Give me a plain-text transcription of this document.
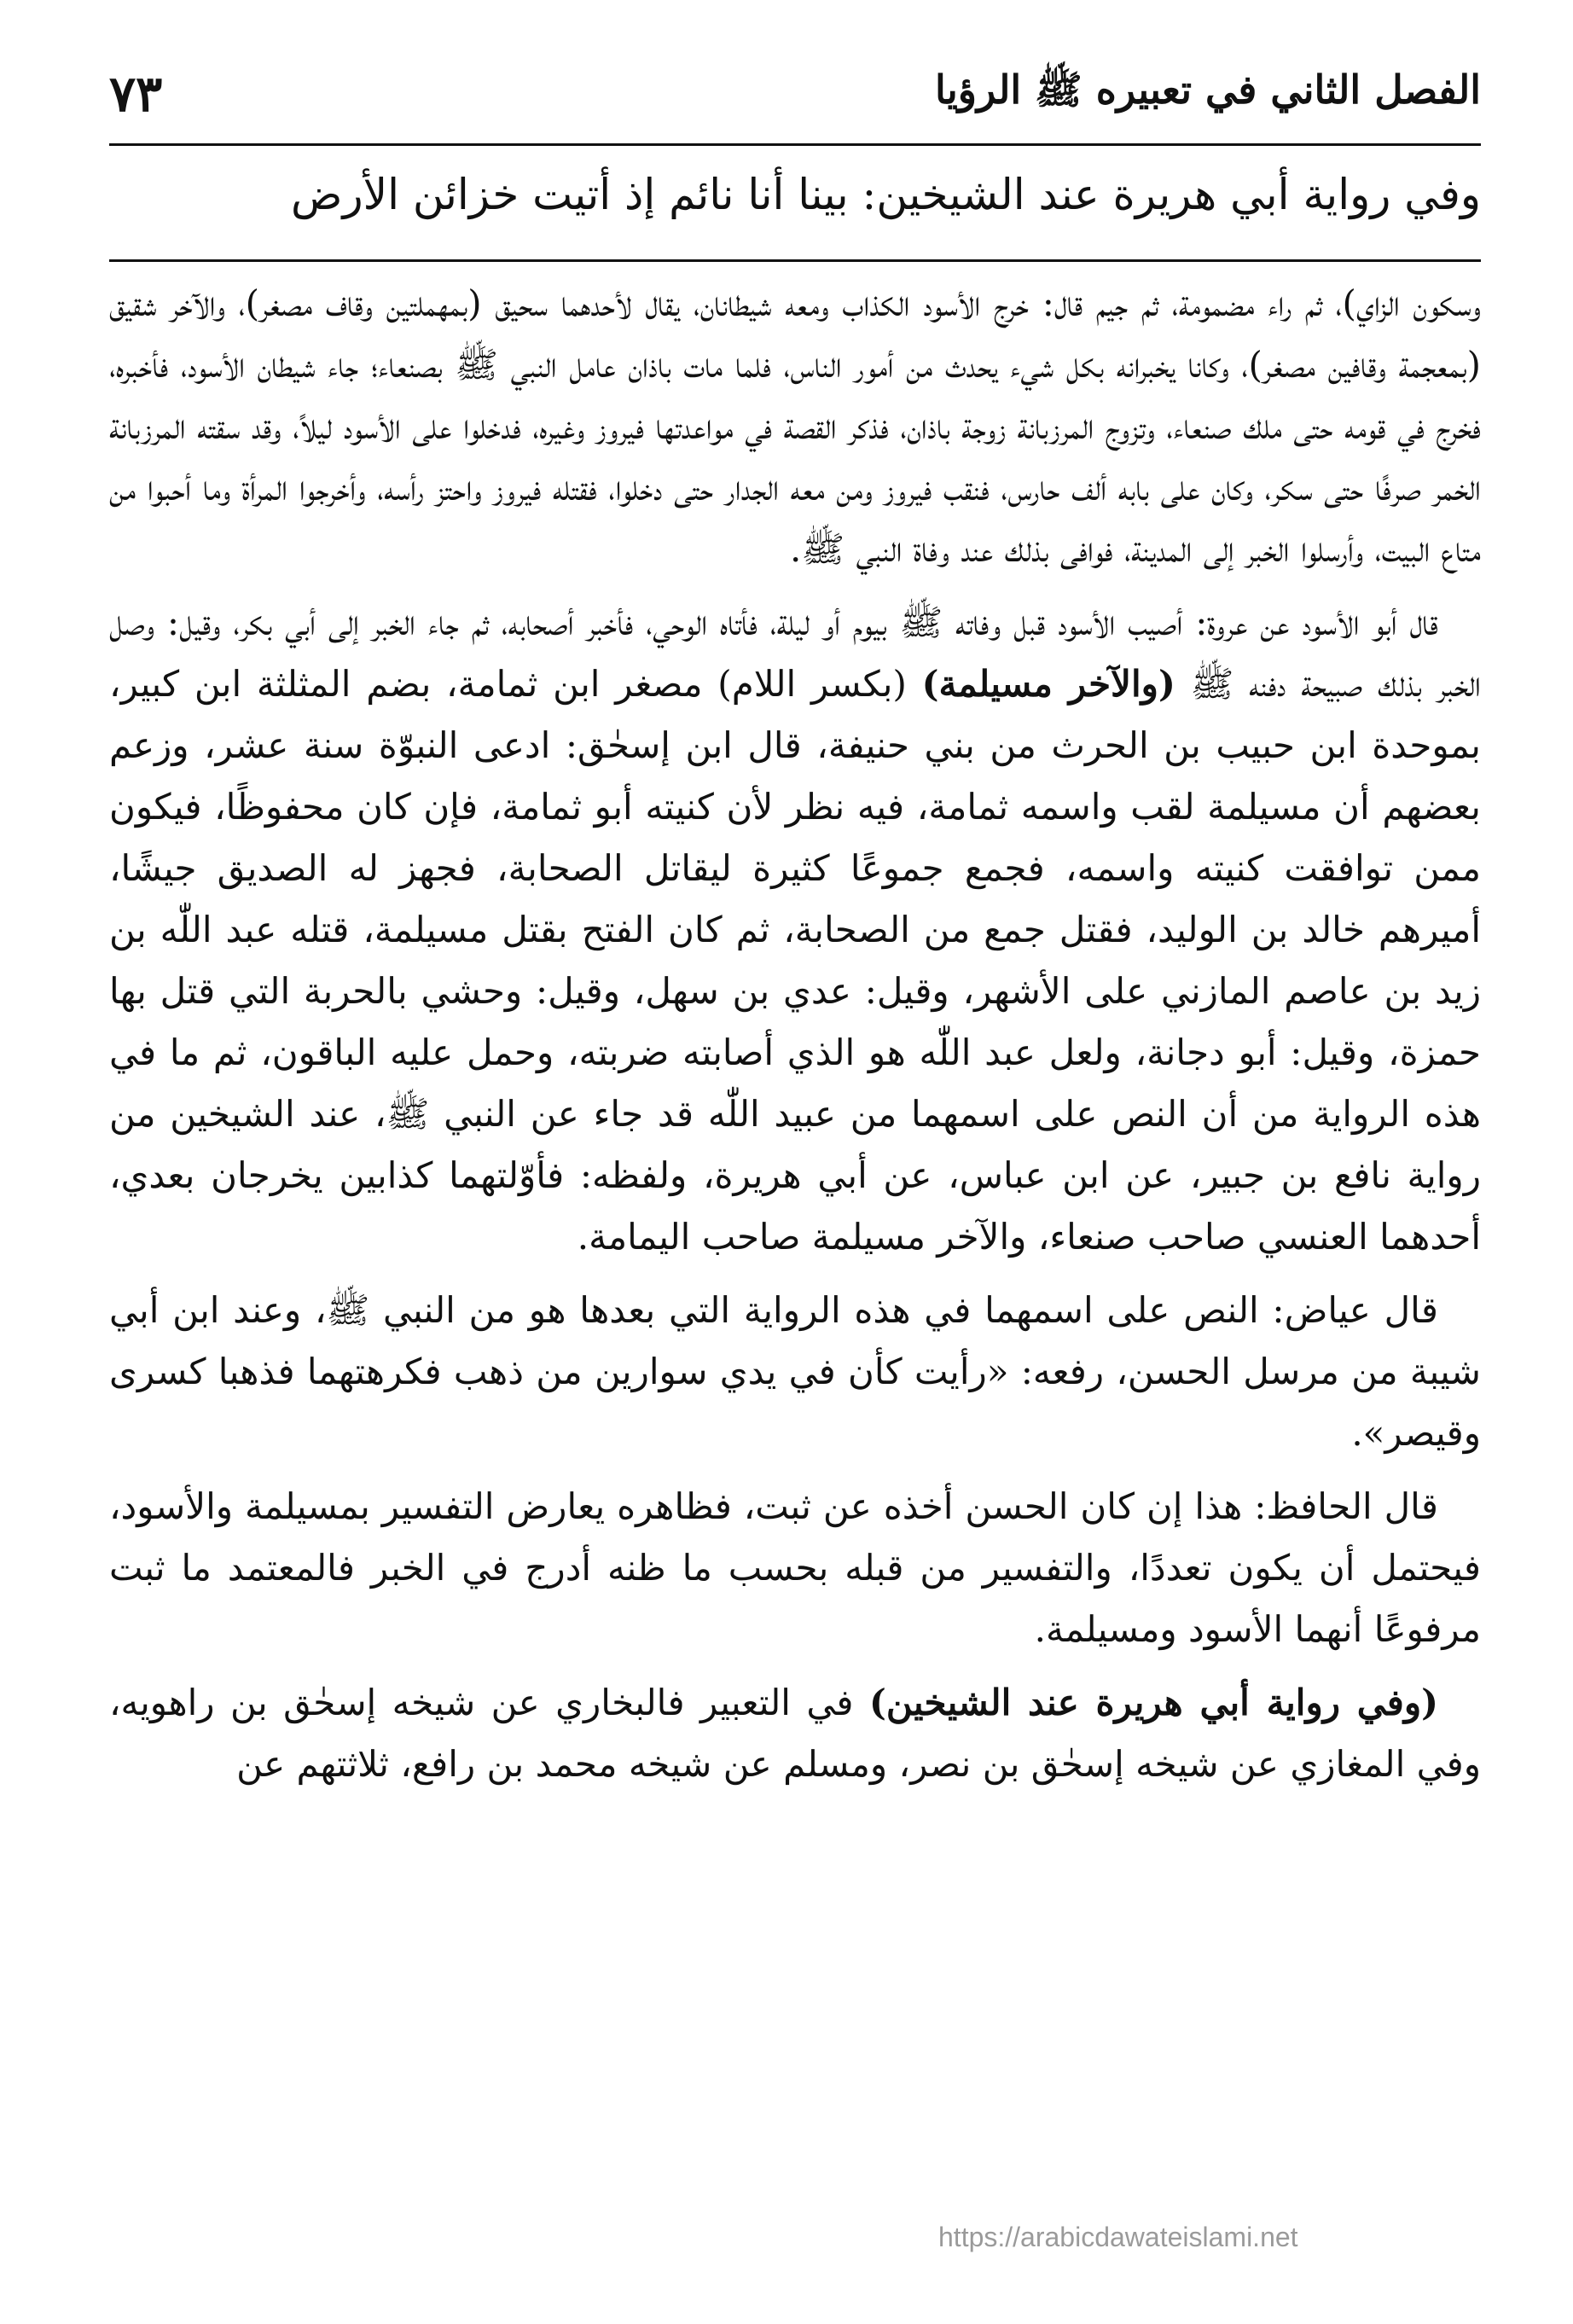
الفصل الثاني في تعبيره ﷺ الرؤيا
٧٣
وفي رواية أبي هريرة عند الشيخين: بينا أنا نائم إذ أتيت خزائن الأرض

وسكون الزاي)، ثم راء مضمومة، ثم جيم قال: خرج الأسود الكذاب ومعه شيطانان، يقال لأحدهما سحيق (بمهملتين وقاف مصغر)، والآخر شقيق (بمعجمة وقافين مصغر)، وكانا يخبرانه بكل شيء يحدث من أمور الناس، فلما مات باذان عامل النبي ﷺ بصنعاء؛ جاء شيطان الأسود، فأخبره، فخرج في قومه حتى ملك صنعاء، وتزوج المرزبانة زوجة باذان، فذكر القصة في مواعدتها فيروز وغيره، فدخلوا على الأسود ليلاً، وقد سقته المرزبانة الخمر صرفًا حتى سكر، وكان على بابه ألف حارس، فنقب فيروز ومن معه الجدار حتى دخلوا، فقتله فيروز واحتز رأسه، وأخرجوا المرأة وما أحبوا من متاع البيت، وأرسلوا الخبر إلى المدينة، فوافى بذلك عند وفاة النبي ﷺ.

قال أبو الأسود عن عروة: أصيب الأسود قبل وفاته ﷺ بيوم أو ليلة، فأتاه الوحي، فأخبر أصحابه، ثم جاء الخبر إلى أبي بكر، وقيل: وصل الخبر بذلك صبيحة دفنه ﷺ (والآخر مسيلمة) (بكسر اللام) مصغر ابن ثمامة، بضم المثلثة ابن كبير، بموحدة ابن حبيب بن الحرث من بني حنيفة، قال ابن إسحٰق: ادعى النبوّة سنة عشر، وزعم بعضهم أن مسيلمة لقب واسمه ثمامة، فيه نظر لأن كنيته أبو ثمامة، فإن كان محفوظًا، فيكون ممن توافقت كنيته واسمه، فجمع جموعًا كثيرة ليقاتل الصحابة، فجهز له الصديق جيشًا، أميرهم خالد بن الوليد، فقتل جمع من الصحابة، ثم كان الفتح بقتل مسيلمة، قتله عبد اللّٰه بن زيد بن عاصم المازني على الأشهر، وقيل: عدي بن سهل، وقيل: وحشي بالحربة التي قتل بها حمزة، وقيل: أبو دجانة، ولعل عبد اللّٰه هو الذي أصابته ضربته، وحمل عليه الباقون، ثم ما في هذه الرواية من أن النص على اسمهما من عبيد اللّٰه قد جاء عن النبي ﷺ، عند الشيخين من رواية نافع بن جبير، عن ابن عباس، عن أبي هريرة، ولفظه: فأوّلتهما كذابين يخرجان بعدي، أحدهما العنسي صاحب صنعاء، والآخر مسيلمة صاحب اليمامة.

قال عياض: النص على اسمهما في هذه الرواية التي بعدها هو من النبي ﷺ، وعند ابن أبي شيبة من مرسل الحسن، رفعه: «رأيت كأن في يدي سوارين من ذهب فكرهتهما فذهبا كسرى وقيصر».

قال الحافظ: هذا إن كان الحسن أخذه عن ثبت، فظاهره يعارض التفسير بمسيلمة والأسود، فيحتمل أن يكون تعددًا، والتفسير من قبله بحسب ما ظنه أدرج في الخبر فالمعتمد ما ثبت مرفوعًا أنهما الأسود ومسيلمة.

(وفي رواية أبي هريرة عند الشيخين) في التعبير فالبخاري عن شيخه إسحٰق بن راهويه، وفي المغازي عن شيخه إسحٰق بن نصر، ومسلم عن شيخه محمد بن رافع، ثلاثتهم عن

https://arabicdawateislami.net
